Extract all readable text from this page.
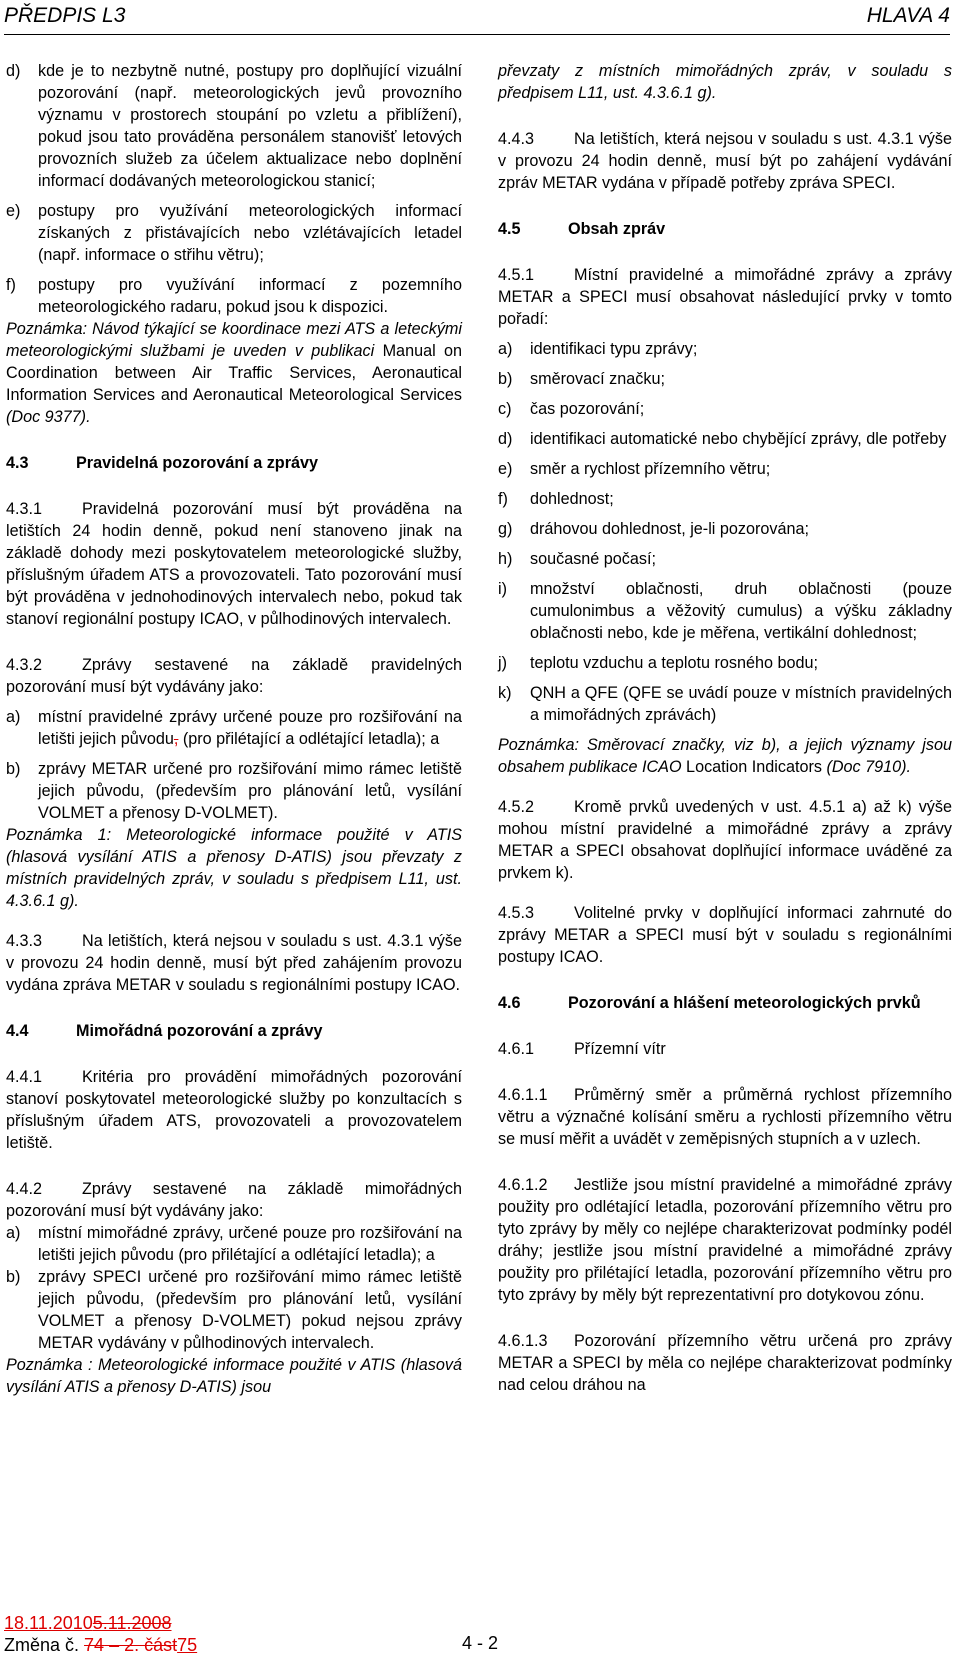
PŘEDPIS L3	HLAVA 4
d)	kde je to nezbytně nutné, postupy pro doplňující vizuální pozorování (např. meteorologických jevů provozního významu v prostorech stoupání po vzletu a přiblížení), pokud jsou tato prováděna personálem stanovišť letových provozních služeb za účelem aktualizace nebo doplnění informací dodávaných meteorologickou stanicí;
e)	postupy pro využívání meteorologických informací získaných z přistávajících nebo vzlétávajících letadel (např. informace o střihu větru);
f)	postupy pro využívání informací z pozemního meteorologického radaru, pokud jsou k dispozici.

Poznámka: Návod týkající se koordinace mezi ATS a leteckými meteorologickými službami je uveden v publikaci Manual on Coordination between Air Traffic Services, Aeronautical Information Services and Aeronautical Meteorological Services (Doc 9377).

4.3	Pravidelná pozorování a zprávy

4.3.1 Pravidelná pozorování musí být prováděna na letištích 24 hodin denně, pokud není stanoveno jinak na základě dohody mezi poskytovatelem meteorologické služby, příslušným úřadem ATS a provozovateli. Tato pozorování musí být prováděna v jednohodinových intervalech nebo, pokud tak stanoví regionální postupy ICAO, v půlhodinových intervalech.

4.3.2 Zprávy sestavené na základě pravidelných pozorování musí být vydávány jako:

a)	místní pravidelné zprávy určené pouze pro rozšiřování na letišti jejich původu, (pro přilétající a odlétající letadla); a
b)	zprávy METAR určené pro rozšiřování mimo rámec letiště jejich původu, (především pro plánování letů, vysílání VOLMET a přenosy D-VOLMET).

Poznámka 1: Meteorologické informace použité v ATIS (hlasová vysílání ATIS a přenosy D-ATIS) jsou převzaty z místních pravidelných zpráv, v souladu s předpisem L11, ust. 4.3.6.1 g).

4.3.3 Na letištích, která nejsou v souladu s ust. 4.3.1 výše v provozu 24 hodin denně, musí být před zahájením provozu vydána zpráva METAR v souladu s regionálními postupy ICAO.

4.4	Mimořádná pozorování a zprávy

4.4.1 Kritéria pro provádění mimořádných pozorování stanoví poskytovatel meteorologické služby po konzultacích s příslušným úřadem ATS, provozovateli a provozovatelem letiště.

4.4.2 Zprávy sestavené na základě mimořádných pozorování musí být vydávány jako:

a)	místní mimořádné zprávy, určené pouze pro rozšiřování na letišti jejich původu (pro přilétající a odlétající letadla); a
b)	zprávy SPECI určené pro rozšiřování mimo rámec letiště jejich původu, (především pro plánování letů, vysílání VOLMET a přenosy D-VOLMET) pokud nejsou zprávy METAR vydávány v půlhodinových intervalech.

Poznámka : Meteorologické informace použité v ATIS (hlasová vysílání ATIS a přenosy D-ATIS) jsou

převzaty z místních mimořádných zpráv, v souladu s předpisem L11, ust. 4.3.6.1 g).

4.4.3 Na letištích, která nejsou v souladu s ust. 4.3.1 výše v provozu 24 hodin denně, musí být po zahájení vydávání zpráv METAR vydána v případě potřeby zpráva SPECI.

4.5	Obsah zpráv

4.5.1 Místní pravidelné a mimořádné zprávy a zprávy METAR a SPECI musí obsahovat následující prvky v tomto pořadí:

a)	identifikaci typu zprávy;
b)	směrovací značku;
c)	čas pozorování;
d)	identifikaci automatické nebo chybějící zprávy, dle potřeby
e)	směr a rychlost přízemního větru;
f)	dohlednost;
g)	dráhovou dohlednost, je-li pozorována;
h)	současné počasí;
i)	množství oblačnosti, druh oblačnosti (pouze cumulonimbus a věžovitý cumulus) a výšku základny oblačnosti nebo, kde je měřena, vertikální dohlednost;
j)	teplotu vzduchu a teplotu rosného bodu;
k)	QNH a QFE (QFE se uvádí pouze v místních pravidelných a mimořádných zprávách)

Poznámka: Směrovací značky, viz b), a jejich významy jsou obsahem publikace ICAO Location Indicators (Doc 7910).

4.5.2 Kromě prvků uvedených v ust. 4.5.1 a) až k) výše mohou místní pravidelné a mimořádné zprávy a zprávy METAR a SPECI obsahovat doplňující informace uváděné za prvkem k).

4.5.3 Volitelné prvky v doplňující informaci zahrnuté do zprávy METAR a SPECI musí být v souladu s regionálními postupy ICAO.

4.6	Pozorování a hlášení meteorologických prvků

4.6.1 Přízemní vítr

4.6.1.1 Průměrný směr a průměrná rychlost přízemního větru a význačné kolísání směru a rychlosti přízemního větru se musí měřit a uvádět v zeměpisných stupních a v uzlech.

4.6.1.2 Jestliže jsou místní pravidelné a mimořádné zprávy použity pro odlétající letadla, pozorování přízemního větru pro tyto zprávy by měly co nejlépe charakterizovat podmínky podél dráhy; jestliže jsou místní pravidelné a mimořádné zprávy použity pro přilétající letadla, pozorování přízemního větru pro tyto zprávy by měly být reprezentativní pro dotykovou zónu.

4.6.1.3 Pozorování přízemního větru určená pro zprávy METAR a SPECI by měla co nejlépe charakterizovat podmínky nad celou dráhou na

18.11.20105.11.2008
Změna č. 74 – 2. část75	4 - 2
